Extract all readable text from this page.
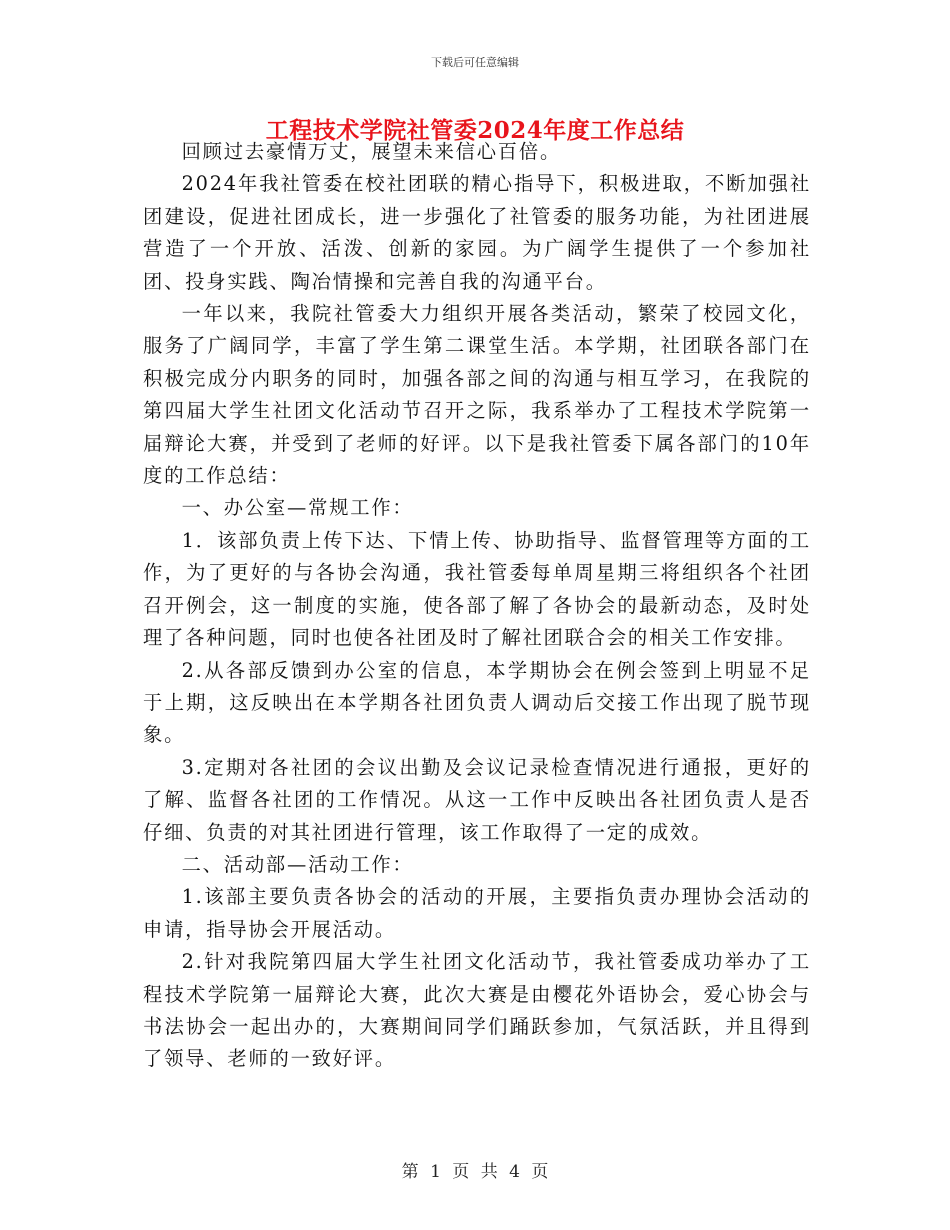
下载后可任意编辑
工程技术学院社管委2024年度工作总结

回顾过去豪情万丈，展望未来信心百倍。

2024年我社管委在校社团联的精心指导下，积极进取，不断加强社团建设，促进社团成长，进一步强化了社管委的服务功能，为社团进展营造了一个开放、活泼、创新的家园。为广阔学生提供了一个参加社团、投身实践、陶冶情操和完善自我的沟通平台。

一年以来，我院社管委大力组织开展各类活动，繁荣了校园文化，服务了广阔同学，丰富了学生第二课堂生活。本学期，社团联各部门在积极完成分内职务的同时，加强各部之间的沟通与相互学习，在我院的第四届大学生社团文化活动节召开之际，我系举办了工程技术学院第一届辩论大赛，并受到了老师的好评。以下是我社管委下属各部门的10年度的工作总结：

一、办公室—常规工作：

1．该部负责上传下达、下情上传、协助指导、监督管理等方面的工作，为了更好的与各协会沟通，我社管委每单周星期三将组织各个社团召开例会，这一制度的实施，使各部了解了各协会的最新动态，及时处理了各种问题，同时也使各社团及时了解社团联合会的相关工作安排。

2.从各部反馈到办公室的信息，本学期协会在例会签到上明显不足于上期，这反映出在本学期各社团负责人调动后交接工作出现了脱节现象。

3.定期对各社团的会议出勤及会议记录检查情况进行通报，更好的了解、监督各社团的工作情况。从这一工作中反映出各社团负责人是否仔细、负责的对其社团进行管理，该工作取得了一定的成效。

二、活动部—活动工作：

1.该部主要负责各协会的活动的开展，主要指负责办理协会活动的申请，指导协会开展活动。

2.针对我院第四届大学生社团文化活动节，我社管委成功举办了工程技术学院第一届辩论大赛，此次大赛是由樱花外语协会，爱心协会与书法协会一起出办的，大赛期间同学们踊跃参加，气氛活跃，并且得到了领导、老师的一致好评。

第 1 页 共 4 页
